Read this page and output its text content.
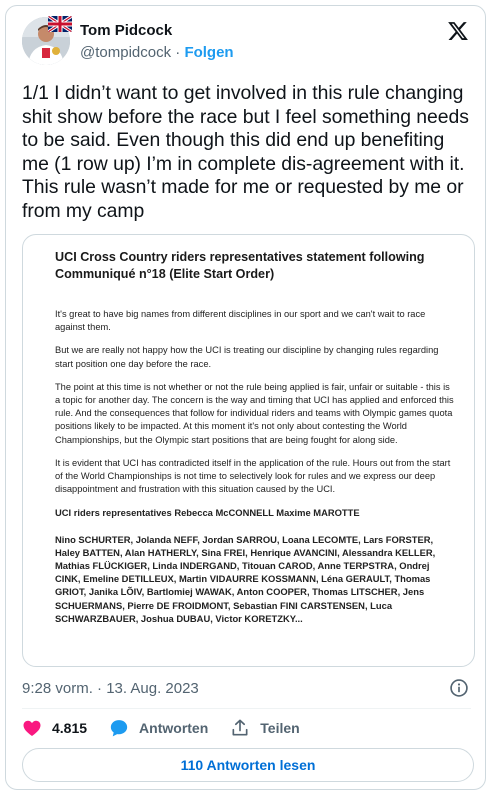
Tom Pidcock
@tompidcock · Folgen
1/1 I didn’t want to get involved in this rule changing shit show before the race but I feel something needs to be said. Even though this did end up benefiting me (1 row up) I’m in complete dis-agreement with it. This rule wasn’t made for me or requested by me or from my camp
UCI Cross Country riders representatives statement following Communiqué n°18 (Elite Start Order)

It's great to have big names from different disciplines in our sport and we can't wait to race against them.

But we are really not happy how the UCI is treating our discipline by changing rules regarding start position one day before the race.

The point at this time is not whether or not the rule being applied is fair, unfair or suitable - this is a topic for another day. The concern is the way and timing that UCI has applied and enforced this rule. And the consequences that follow for individual riders and teams with Olympic games quota positions likely to be impacted. At this moment it's not only about contesting the World Championships, but the Olympic start positions that are being fought for along side.

It is evident that UCI has contradicted itself in the application of the rule. Hours out from the start of the World Championships is not time to selectively look for rules and we express our deep disappointment and frustration with this situation caused by the UCI.

UCI riders representatives Rebecca McCONNELL Maxime MAROTTE

Nino SCHURTER, Jolanda NEFF, Jordan SARROU, Loana LECOMTE, Lars FORSTER, Haley BATTEN, Alan HATHERLY, Sina FREI, Henrique AVANCINI, Alessandra KELLER, Mathias FLÜCKIGER, Linda INDERGAND, Titouan CAROD, Anne TERPSTRA, Ondrej CINK, Emeline DETILLEUX, Martin VIDAURRE KOSSMANN, Léna GERAULT, Thomas GRIOT, Janika LÕIV, Bartlomiej WAWAK, Anton COOPER, Thomas LITSCHER, Jens SCHUERMANS, Pierre DE FROIDMONT, Sebastian FINI CARSTENSEN, Luca SCHWARZBAUER, Joshua DUBAU, Victor KORETZKY...
9:28 vorm. · 13. Aug. 2023
4.815	Antworten	Teilen
110 Antworten lesen
